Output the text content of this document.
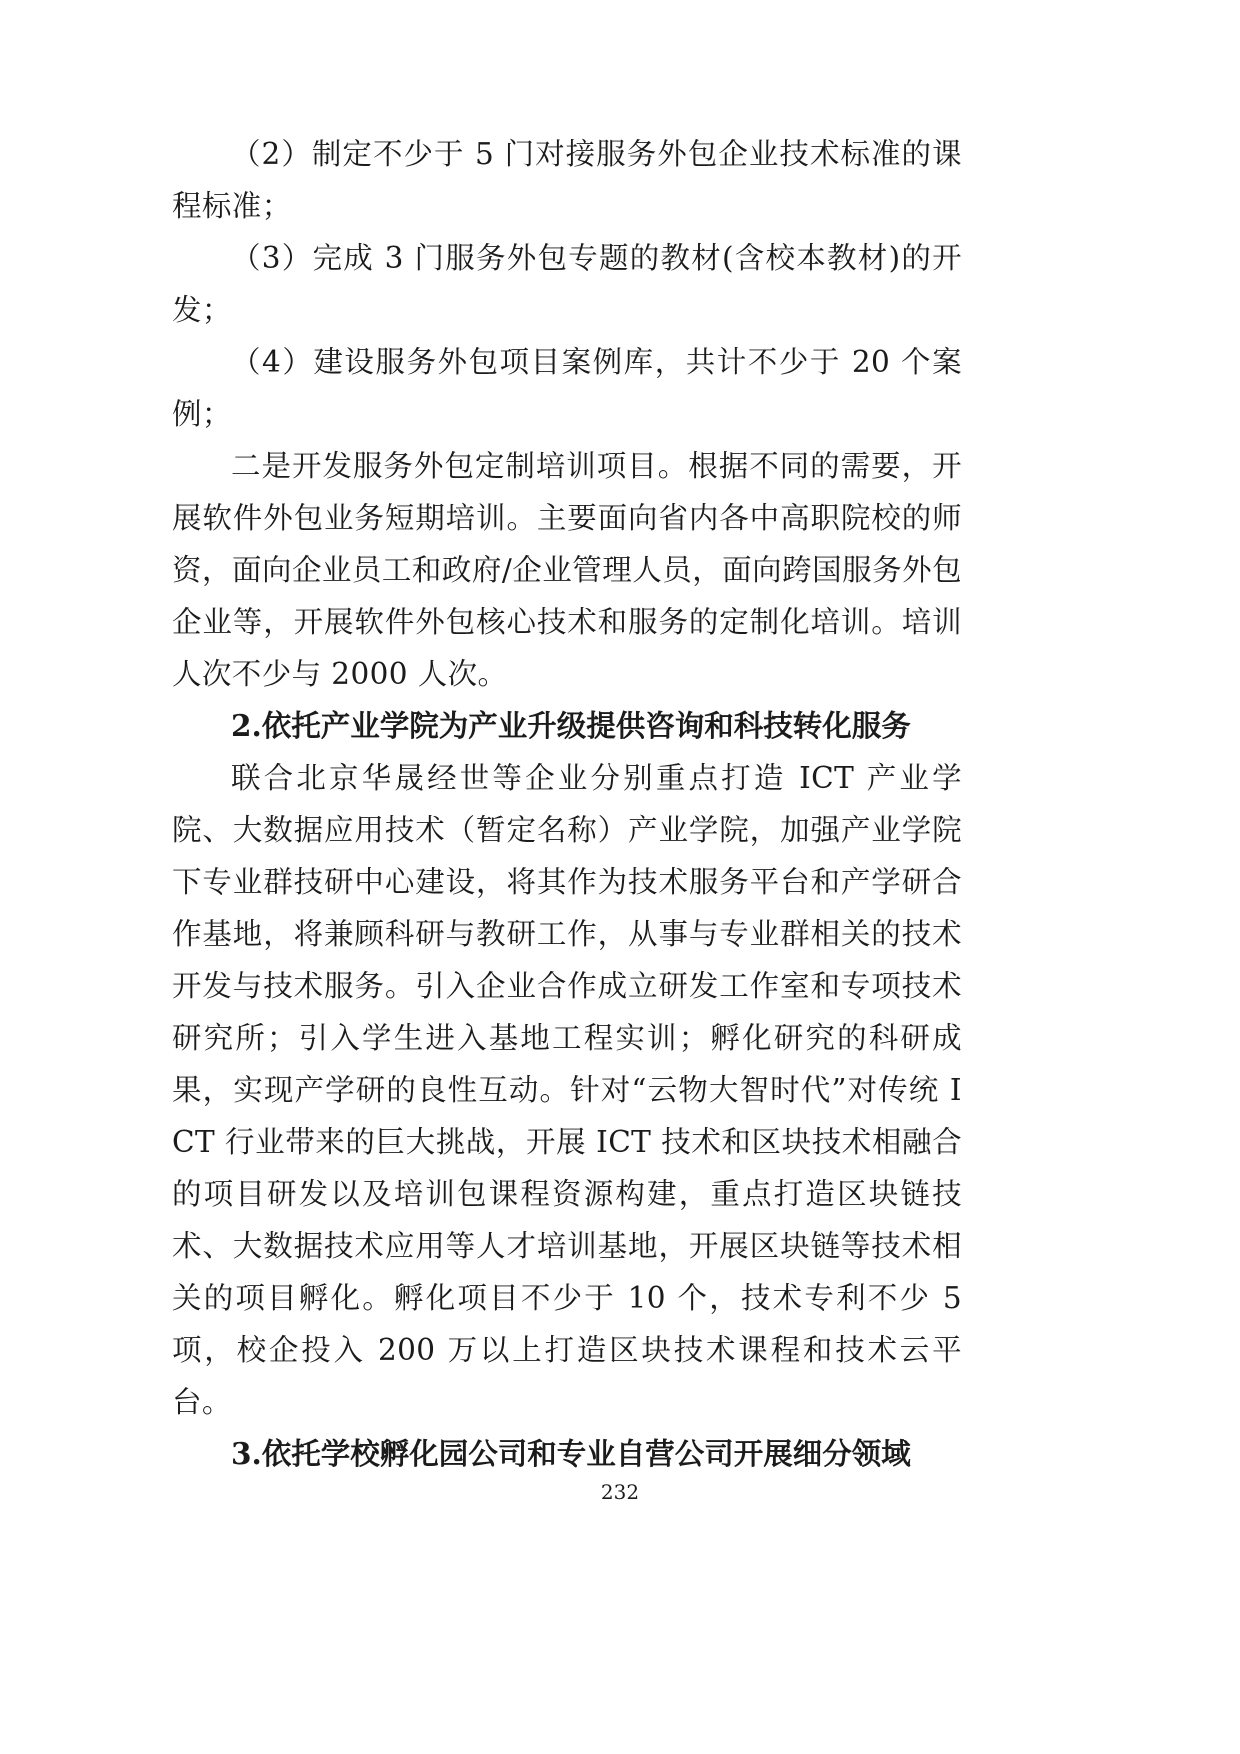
（2）制定不少于 5 门对接服务外包企业技术标准的课程标准；

（3）完成 3 门服务外包专题的教材(含校本教材)的开发；

（4）建设服务外包项目案例库，共计不少于 20 个案例；

二是开发服务外包定制培训项目。根据不同的需要，开展软件外包业务短期培训。主要面向省内各中高职院校的师资，面向企业员工和政府/企业管理人员，面向跨国服务外包企业等，开展软件外包核心技术和服务的定制化培训。培训人次不少与 2000 人次。

2.依托产业学院为产业升级提供咨询和科技转化服务

联合北京华晟经世等企业分别重点打造 ICT 产业学院、大数据应用技术（暂定名称）产业学院，加强产业学院下专业群技研中心建设，将其作为技术服务平台和产学研合作基地，将兼顾科研与教研工作，从事与专业群相关的技术开发与技术服务。引入企业合作成立研发工作室和专项技术研究所；引入学生进入基地工程实训；孵化研究的科研成果，实现产学研的良性互动。针对“云物大智时代”对传统 ICT 行业带来的巨大挑战，开展 ICT 技术和区块技术相融合的项目研发以及培训包课程资源构建，重点打造区块链技术、大数据技术应用等人才培训基地，开展区块链等技术相关的项目孵化。孵化项目不少于 10 个，技术专利不少 5 项，校企投入 200 万以上打造区块技术课程和技术云平台。

3.依托学校孵化园公司和专业自营公司开展细分领域

232
